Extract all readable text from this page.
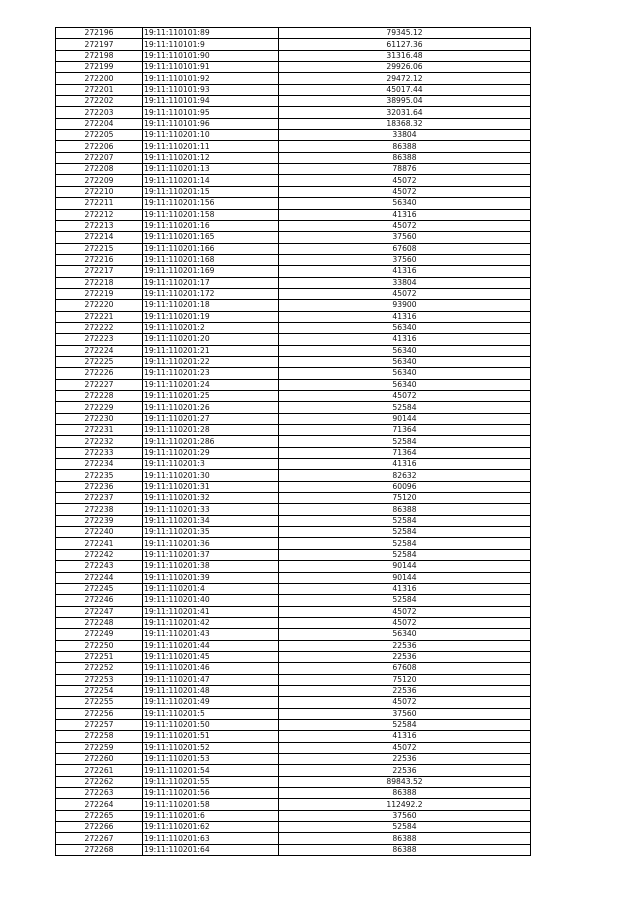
272196	19:11:110101:89	79345.12
272197	19:11:110101:9	61127.36
272198	19:11:110101:90	31316.48
272199	19:11:110101:91	29926.06
272200	19:11:110101:92	29472.12
272201	19:11:110101:93	45017.44
272202	19:11:110101:94	38995.04
272203	19:11:110101:95	32031.64
272204	19:11:110101:96	18368.32
272205	19:11:110201:10	33804
272206	19:11:110201:11	86388
272207	19:11:110201:12	86388
272208	19:11:110201:13	78876
272209	19:11:110201:14	45072
272210	19:11:110201:15	45072
272211	19:11:110201:156	56340
272212	19:11:110201:158	41316
272213	19:11:110201:16	45072
272214	19:11:110201:165	37560
272215	19:11:110201:166	67608
272216	19:11:110201:168	37560
272217	19:11:110201:169	41316
272218	19:11:110201:17	33804
272219	19:11:110201:172	45072
272220	19:11:110201:18	93900
272221	19:11:110201:19	41316
272222	19:11:110201:2	56340
272223	19:11:110201:20	41316
272224	19:11:110201:21	56340
272225	19:11:110201:22	56340
272226	19:11:110201:23	56340
272227	19:11:110201:24	56340
272228	19:11:110201:25	45072
272229	19:11:110201:26	52584
272230	19:11:110201:27	90144
272231	19:11:110201:28	71364
272232	19:11:110201:286	52584
272233	19:11:110201:29	71364
272234	19:11:110201:3	41316
272235	19:11:110201:30	82632
272236	19:11:110201:31	60096
272237	19:11:110201:32	75120
272238	19:11:110201:33	86388
272239	19:11:110201:34	52584
272240	19:11:110201:35	52584
272241	19:11:110201:36	52584
272242	19:11:110201:37	52584
272243	19:11:110201:38	90144
272244	19:11:110201:39	90144
272245	19:11:110201:4	41316
272246	19:11:110201:40	52584
272247	19:11:110201:41	45072
272248	19:11:110201:42	45072
272249	19:11:110201:43	56340
272250	19:11:110201:44	22536
272251	19:11:110201:45	22536
272252	19:11:110201:46	67608
272253	19:11:110201:47	75120
272254	19:11:110201:48	22536
272255	19:11:110201:49	45072
272256	19:11:110201:5	37560
272257	19:11:110201:50	52584
272258	19:11:110201:51	41316
272259	19:11:110201:52	45072
272260	19:11:110201:53	22536
272261	19:11:110201:54	22536
272262	19:11:110201:55	89843.52
272263	19:11:110201:56	86388
272264	19:11:110201:58	112492.2
272265	19:11:110201:6	37560
272266	19:11:110201:62	52584
272267	19:11:110201:63	86388
272268	19:11:110201:64	86388
